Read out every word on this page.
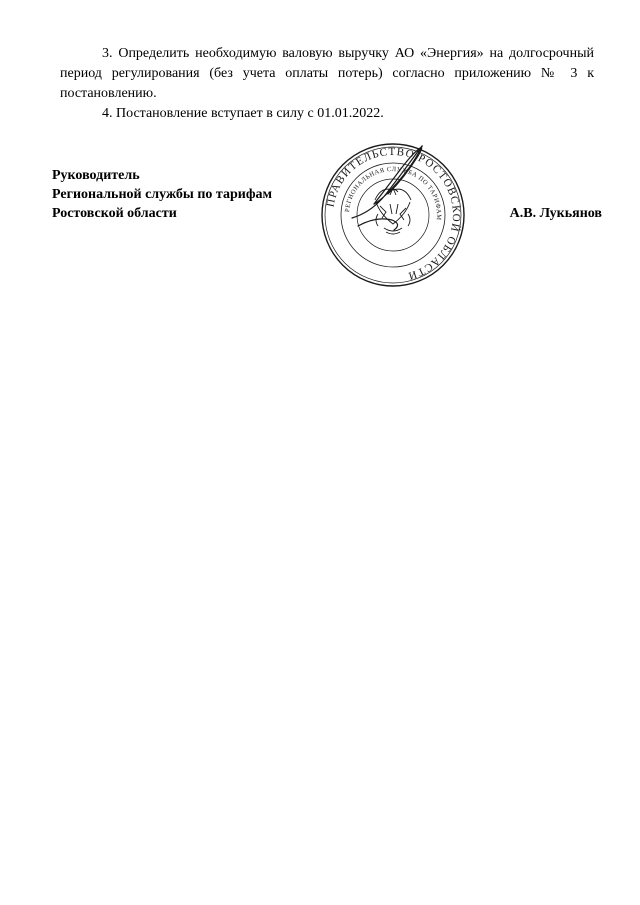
3. Определить необходимую валовую выручку АО «Энергия» на долгосрочный период регулирования (без учета оплаты потерь) согласно приложению № 3 к постановлению.

4. Постановление вступает в силу с 01.01.2022.

Руководитель
Региональной службы по тарифам
Ростовской области
ПРАВИТЕЛЬСТВО РОСТОВСКОЙ ОБЛАСТИ
РЕГИОНАЛЬНАЯ СЛУЖБА ПО ТАРИФАМ	А.В. Лукьянов
